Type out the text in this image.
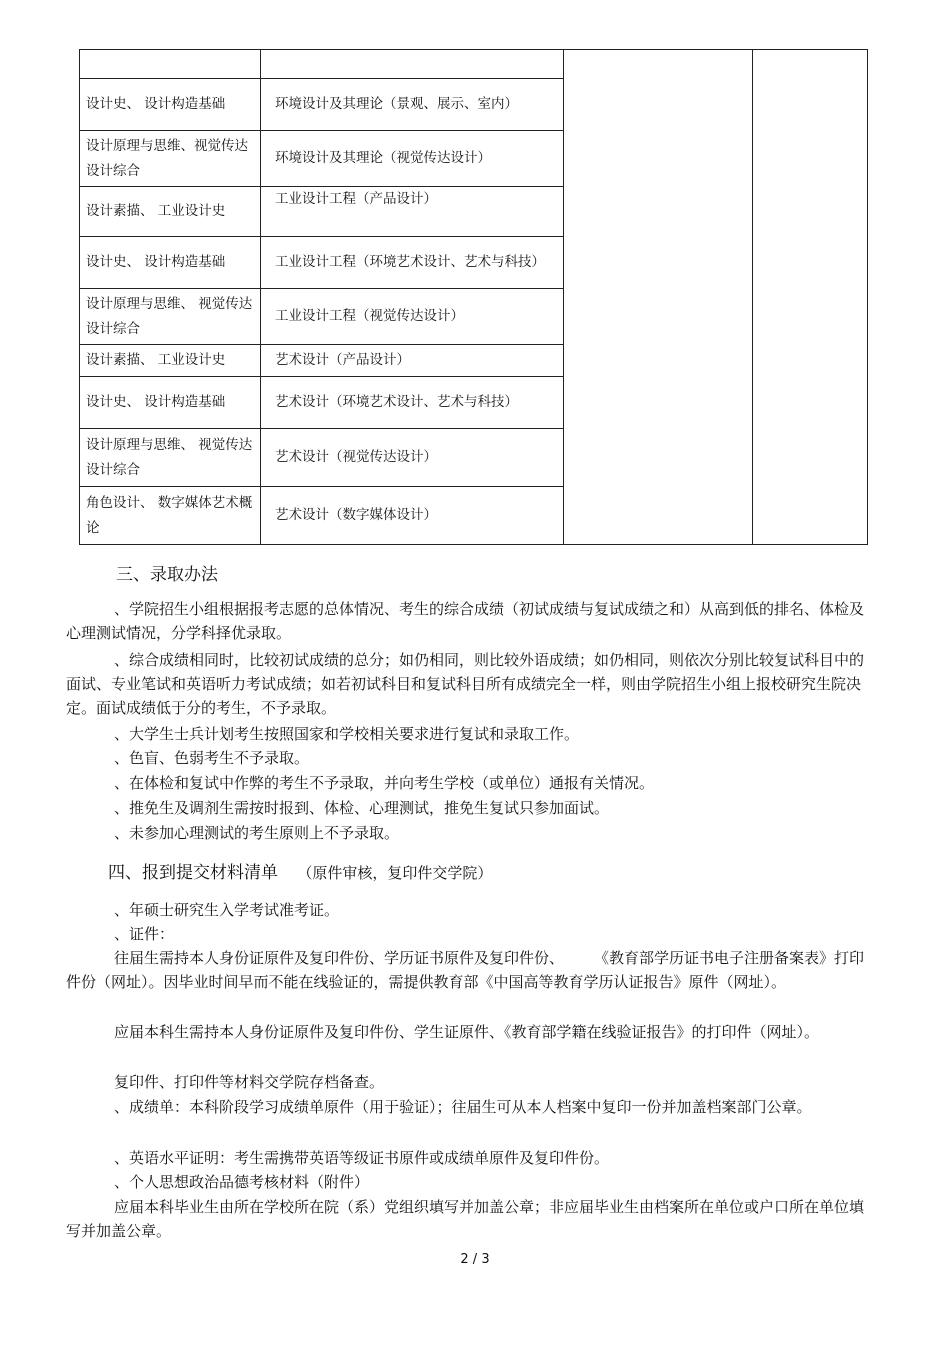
设计史、 设计构造基础	环境设计及其理论（景观、展示、室内）		
设计原理与思维、视觉传达设计综合	环境设计及其理论（视觉传达设计）		
设计素描、 工业设计史	工业设计工程（产品设计）		
设计史、 设计构造基础	工业设计工程（环境艺术设计、艺术与科技）		
设计原理与思维、 视觉传达设计综合	工业设计工程（视觉传达设计）		
设计素描、 工业设计史	艺术设计（产品设计）		
设计史、 设计构造基础	艺术设计（环境艺术设计、艺术与科技）		
设计原理与思维、 视觉传达设计综合	艺术设计（视觉传达设计）		
角色设计、 数字媒体艺术概论	艺术设计（数字媒体设计）		
三、录取办法

、学院招生小组根据报考志愿的总体情况、考生的综合成绩（初试成绩与复试成绩之和）从高到低的排名、体检及心理测试情况，分学科择优录取。

、综合成绩相同时，比较初试成绩的总分；如仍相同，则比较外语成绩；如仍相同，则依次分别比较复试科目中的面试、专业笔试和英语听力考试成绩；如若初试科目和复试科目所有成绩完全一样，则由学院招生小组上报校研究生院决定。面试成绩低于分的考生，不予录取。

、大学生士兵计划考生按照国家和学校相关要求进行复试和录取工作。

、色盲、色弱考生不予录取。

、在体检和复试中作弊的考生不予录取，并向考生学校（或单位）通报有关情况。

、推免生及调剂生需按时报到、体检、心理测试，推免生复试只参加面试。

、未参加心理测试的考生原则上不予录取。

四、报到提交材料清单 （原件审核，复印件交学院）

、年硕士研究生入学考试准考证。

、证件：

往届生需持本人身份证原件及复印件份、学历证书原件及复印件份、　　　《教育部学历证书电子注册备案表》打印件份（网址）。因毕业时间早而不能在线验证的，需提供教育部《中国高等教育学历认证报告》原件（网址）。

应届本科生需持本人身份证原件及复印件份、学生证原件、《教育部学籍在线验证报告》的打印件（网址）。

复印件、打印件等材料交学院存档备查。

、成绩单：本科阶段学习成绩单原件（用于验证）；往届生可从本人档案中复印一份并加盖档案部门公章。

、英语水平证明：考生需携带英语等级证书原件或成绩单原件及复印件份。

、个人思想政治品德考核材料（附件）

应届本科毕业生由所在学校所在院（系）党组织填写并加盖公章；非应届毕业生由档案所在单位或户口所在单位填写并加盖公章。

2 / 3
